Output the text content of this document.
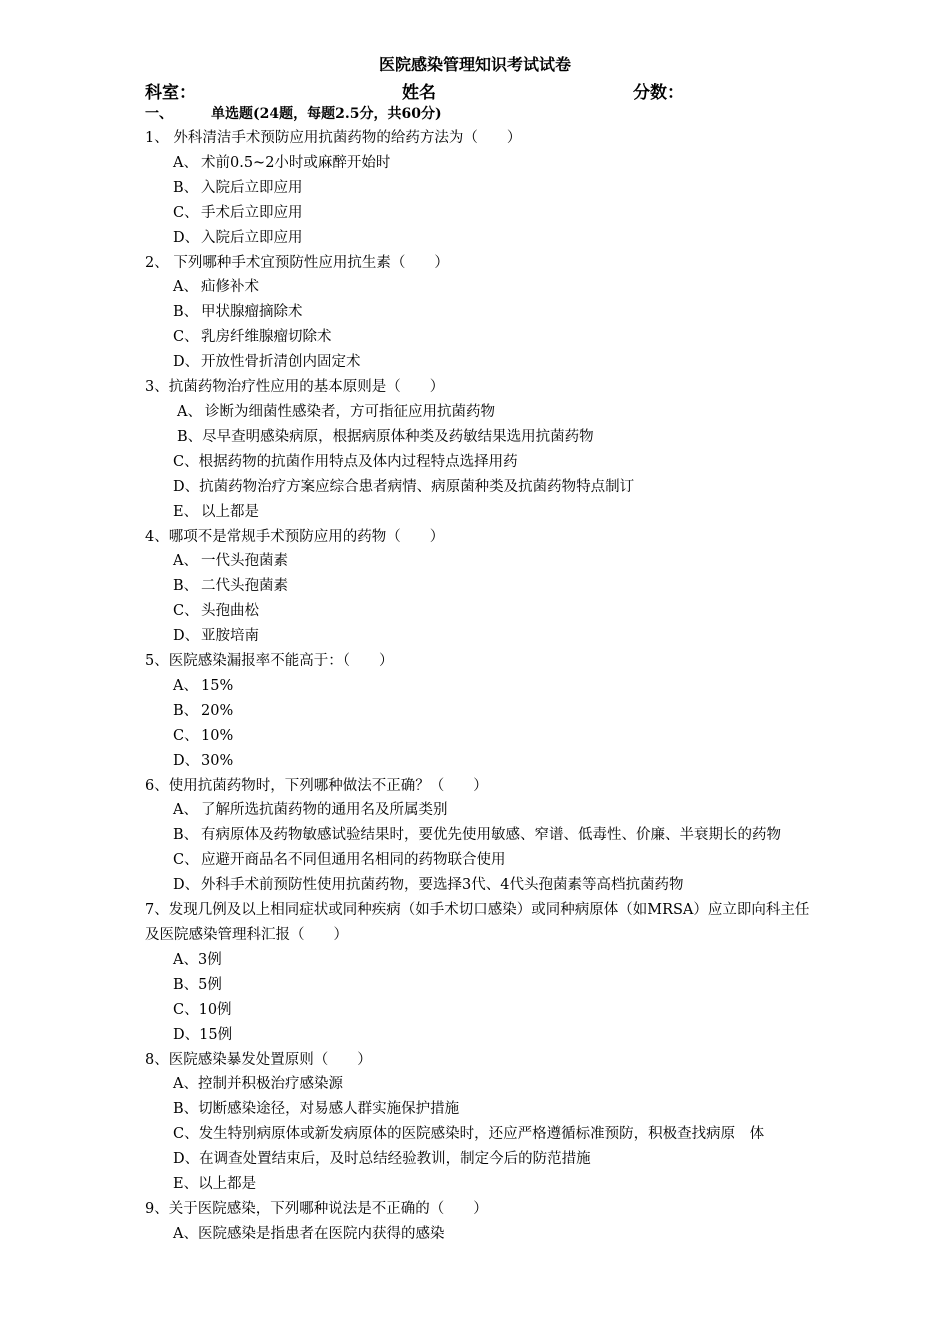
医院感染管理知识考试试卷
科室：	姓名	分数：
一、	单选题(24题，每题2.5分，共60分)
1、 外科清洁手术预防应用抗菌药物的给药方法为（　　）
A、 术前0.5~2小时或麻醉开始时
B、 入院后立即应用
C、 手术后立即应用
D、 入院后立即应用
2、 下列哪种手术宜预防性应用抗生素（　　）
A、 疝修补术
B、 甲状腺瘤摘除术
C、 乳房纤维腺瘤切除术
D、 开放性骨折清创内固定术
3、抗菌药物治疗性应用的基本原则是（　　）
A、 诊断为细菌性感染者，方可指征应用抗菌药物
B、尽早查明感染病原，根据病原体种类及药敏结果选用抗菌药物
C、根据药物的抗菌作用特点及体内过程特点选择用药
D、抗菌药物治疗方案应综合患者病情、病原菌种类及抗菌药物特点制订
E、 以上都是
4、哪项不是常规手术预防应用的药物（　　）
A、 一代头孢菌素
B、 二代头孢菌素
C、 头孢曲松
D、 亚胺培南
5、医院感染漏报率不能高于：（　　）
A、 15%
B、 20%
C、 10%
D、 30%
6、使用抗菌药物时，下列哪种做法不正确？（　　）
A、 了解所选抗菌药物的通用名及所属类别
B、 有病原体及药物敏感试验结果时，要优先使用敏感、窄谱、低毒性、价廉、半衰期长的药物
C、 应避开商品名不同但通用名相同的药物联合使用
D、 外科手术前预防性使用抗菌药物，要选择3代、4代头孢菌素等高档抗菌药物
7、发现几例及以上相同症状或同种疾病（如手术切口感染）或同种病原体（如MRSA）应立即向科主任及医院感染管理科汇报（　　）
A、3例
B、5例
C、10例
D、15例
8、医院感染暴发处置原则（　　）
A、控制并积极治疗感染源
B、切断感染途径，对易感人群实施保护措施
C、发生特别病原体或新发病原体的医院感染时，还应严格遵循标准预防，积极查找病原　体
D、在调查处置结束后，及时总结经验教训，制定今后的防范措施
E、以上都是
9、关于医院感染，下列哪种说法是不正确的（　　）
A、医院感染是指患者在医院内获得的感染
